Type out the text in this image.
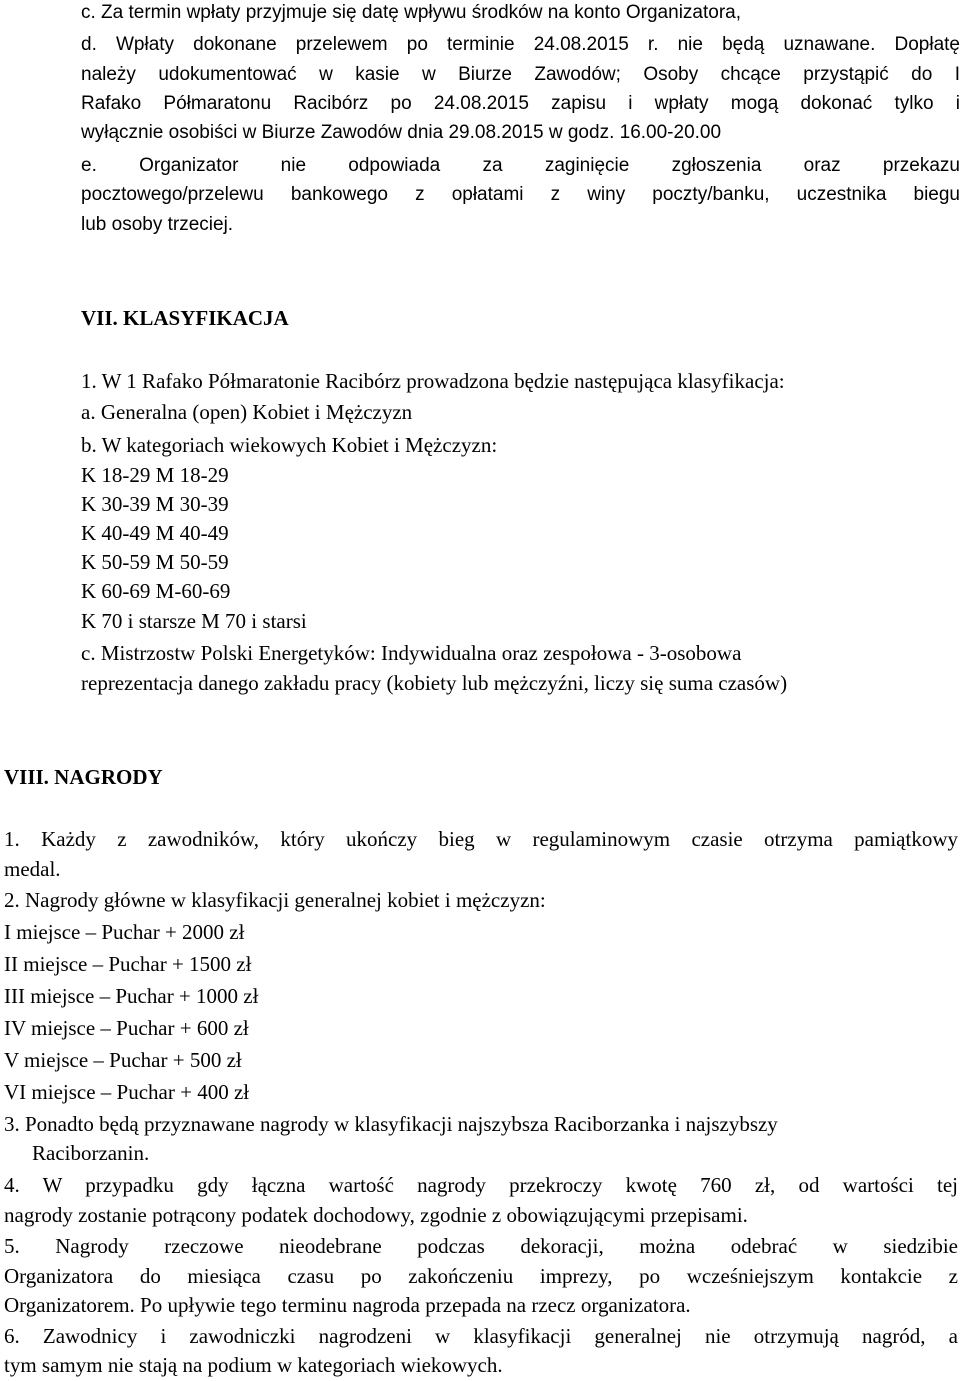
c. Za termin wpłaty przyjmuje się datę wpływu środków na konto Organizatora,
d. Wpłaty dokonane przelewem po terminie 24.08.2015 r. nie będą uznawane. Dopłatę
należy udokumentować w kasie w Biurze Zawodów; Osoby chcące przystąpić do I
Rafako Półmaratonu Racibórz po 24.08.2015 zapisu i wpłaty mogą dokonać tylko i
wyłącznie osobiści w Biurze Zawodów dnia 29.08.2015 w godz. 16.00-20.00
e. Organizator nie odpowiada za zaginięcie zgłoszenia oraz przekazu
pocztowego/przelewu bankowego z opłatami z winy poczty/banku, uczestnika biegu
lub osoby trzeciej.
VII. KLASYFIKACJA
1. W 1 Rafako Półmaratonie Racibórz prowadzona będzie następująca klasyfikacja:
a. Generalna (open) Kobiet i Mężczyzn
b. W kategoriach wiekowych Kobiet i Mężczyzn:
K 18-29 M 18-29
K 30-39 M 30-39
K 40-49 M 40-49
K 50-59 M 50-59
K 60-69 M-60-69
K 70 i starsze M 70 i starsi
c. Mistrzostw Polski Energetyków: Indywidualna oraz zespołowa - 3-osobowa
reprezentacja danego zakładu pracy (kobiety lub mężczyźni, liczy się suma czasów)
VIII. NAGRODY
1. Każdy z zawodników, który ukończy bieg w regulaminowym czasie otrzyma pamiątkowy
medal.
2. Nagrody główne w klasyfikacji generalnej kobiet i mężczyzn:
I miejsce – Puchar + 2000 zł
II miejsce – Puchar + 1500 zł
III miejsce – Puchar + 1000 zł
IV miejsce – Puchar + 600 zł
V miejsce – Puchar + 500 zł
VI miejsce – Puchar + 400 zł
3. Ponadto będą przyznawane nagrody w klasyfikacji najszybsza Raciborzanka i najszybszy
Raciborzanin.
4. W przypadku gdy łączna wartość nagrody przekroczy kwotę 760 zł, od wartości tej
nagrody zostanie potrącony podatek dochodowy, zgodnie z obowiązującymi przepisami.
5. Nagrody rzeczowe nieodebrane podczas dekoracji, można odebrać w siedzibie
Organizatora do miesiąca czasu po zakończeniu imprezy, po wcześniejszym kontakcie z
Organizatorem. Po upływie tego terminu nagroda przepada na rzecz organizatora.
6. Zawodnicy i zawodniczki nagrodzeni w klasyfikacji generalnej nie otrzymują nagród, a
tym samym nie stają na podium w kategoriach wiekowych.
